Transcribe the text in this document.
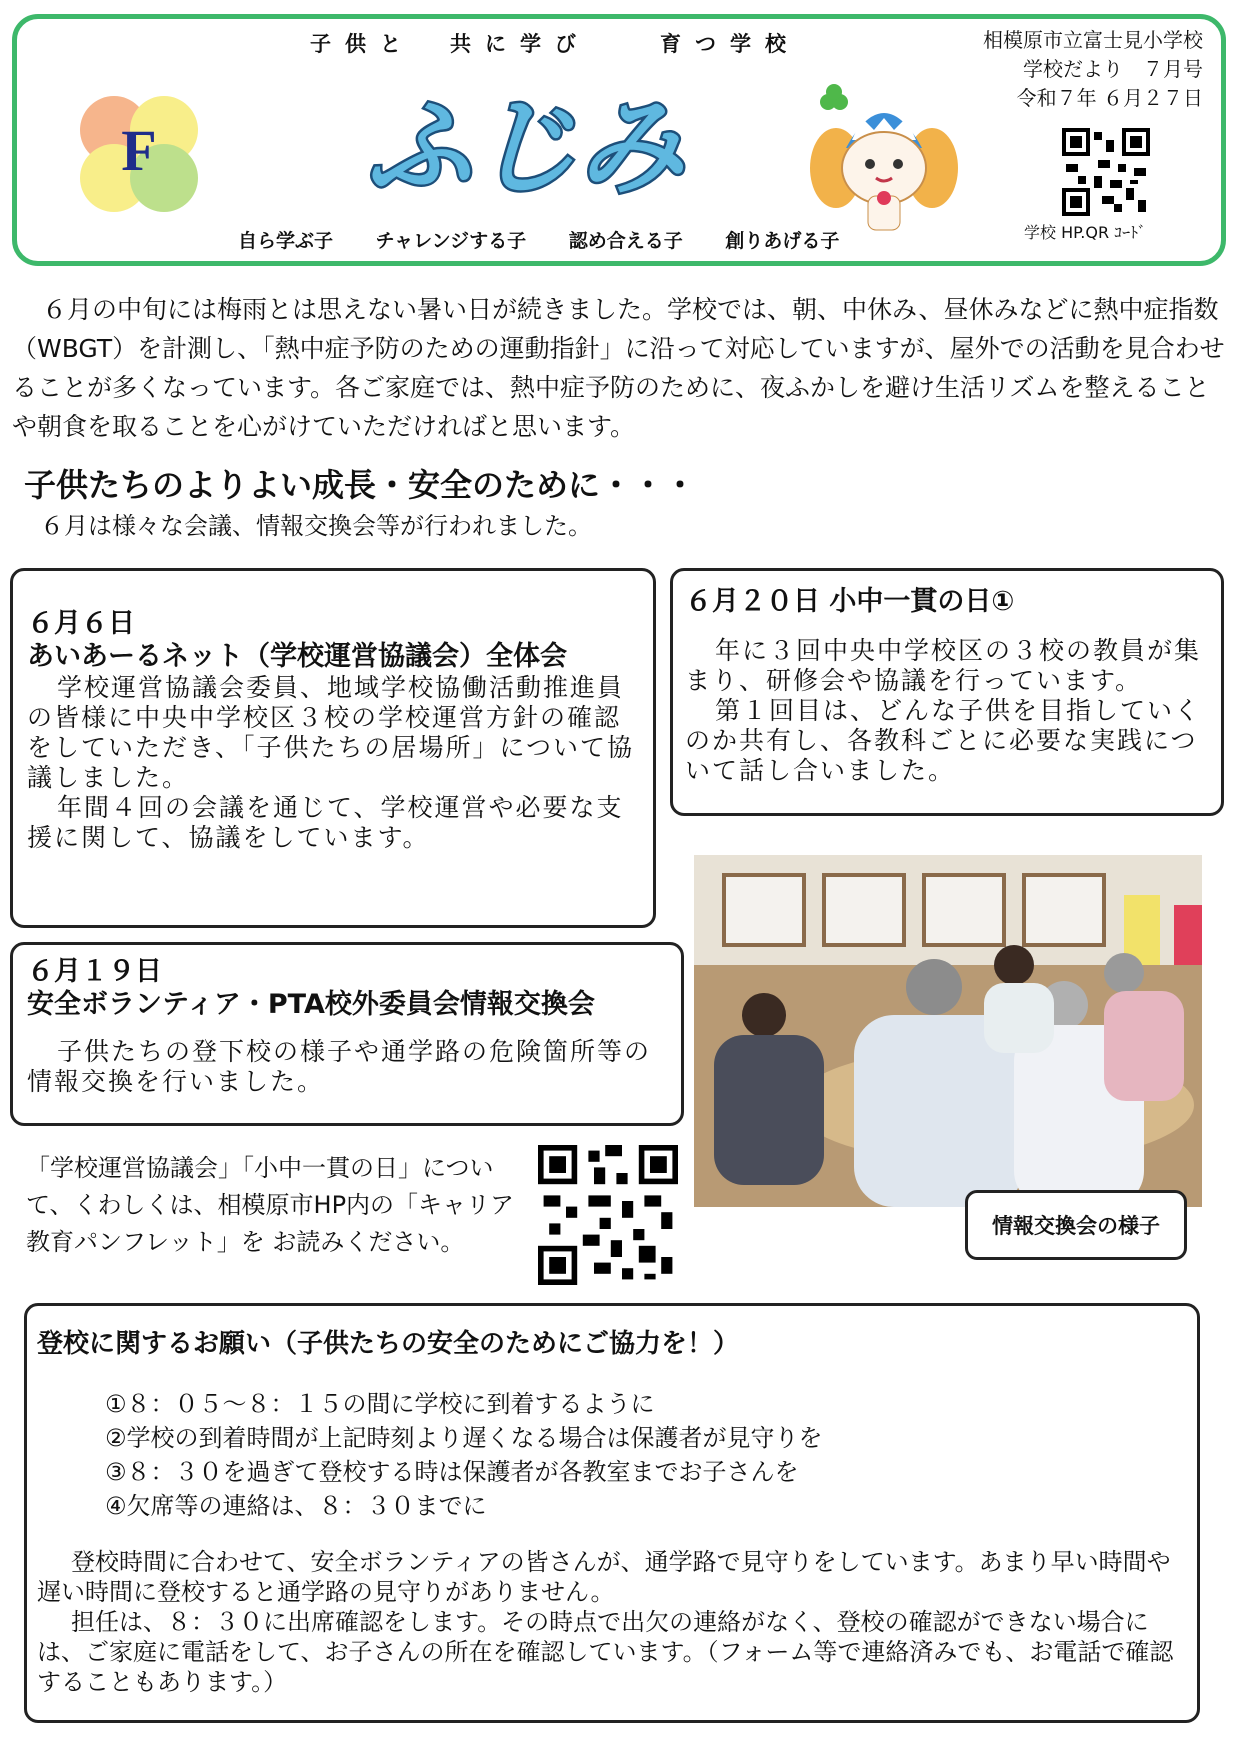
子供と　共に学び　　育つ学校
F ふじみ
相模原市立富士見小学校
学校だより　７月号
令和７年 ６月２７日
学校 HP.QR ｺｰﾄﾞ
自ら学ぶ子 チャレンジする子 認め合える子 創りあげる子

６月の中旬には梅雨とは思えない暑い日が続きました。学校では、朝、中休み、昼休みなどに熱中症指数（WBGT）を計測し、「熱中症予防のための運動指針」に沿って対応していますが、屋外での活動を見合わせることが多くなっています。各ご家庭では、熱中症予防のために、夜ふかしを避け生活リズムを整えることや朝食を取ることを心がけていただければと思います。

子供たちのよりよい成長・安全のために・・・
６月は様々な会議、情報交換会等が行われました。

６月６日

あいあーるネット（学校運営協議会）全体会

学校運営協議会委員、地域学校協働活動推進員の皆様に中央中学校区３校の学校運営方針の確認をしていただき、「子供たちの居場所」について協議しました。
年間４回の会議を通じて、学校運営や必要な支援に関して、協議をしています。

６月２０日 小中一貫の日①

年に３回中央中学校区の３校の教員が集まり、研修会や協議を行っています。
第１回目は、どんな子供を目指していくのか共有し、各教科ごとに必要な実践について話し合いました。

６月１９日

安全ボランティア・PTA校外委員会情報交換会

子供たちの登下校の様子や通学路の危険箇所等の情報交換を行いました。

情報交換会の様子

「学校運営協議会」「小中一貫の日」について、くわしくは、相模原市HP内の「キャリア教育パンフレット」を お読みください。

登校に関するお願い（子供たちの安全のためにご協力を！）

①８：０５～８：１５の間に学校に到着するように
②学校の到着時間が上記時刻より遅くなる場合は保護者が見守りを
③８：３０を過ぎて登校する時は保護者が各教室までお子さんを
④欠席等の連絡は、８：３０までに

登校時間に合わせて、安全ボランティアの皆さんが、通学路で見守りをしています。あまり早い時間や遅い時間に登校すると通学路の見守りがありません。

担任は、８：３０に出席確認をします。その時点で出欠の連絡がなく、登校の確認ができない場合には、ご家庭に電話をして、お子さんの所在を確認しています。（フォーム等で連絡済みでも、お電話で確認することもあります。）
